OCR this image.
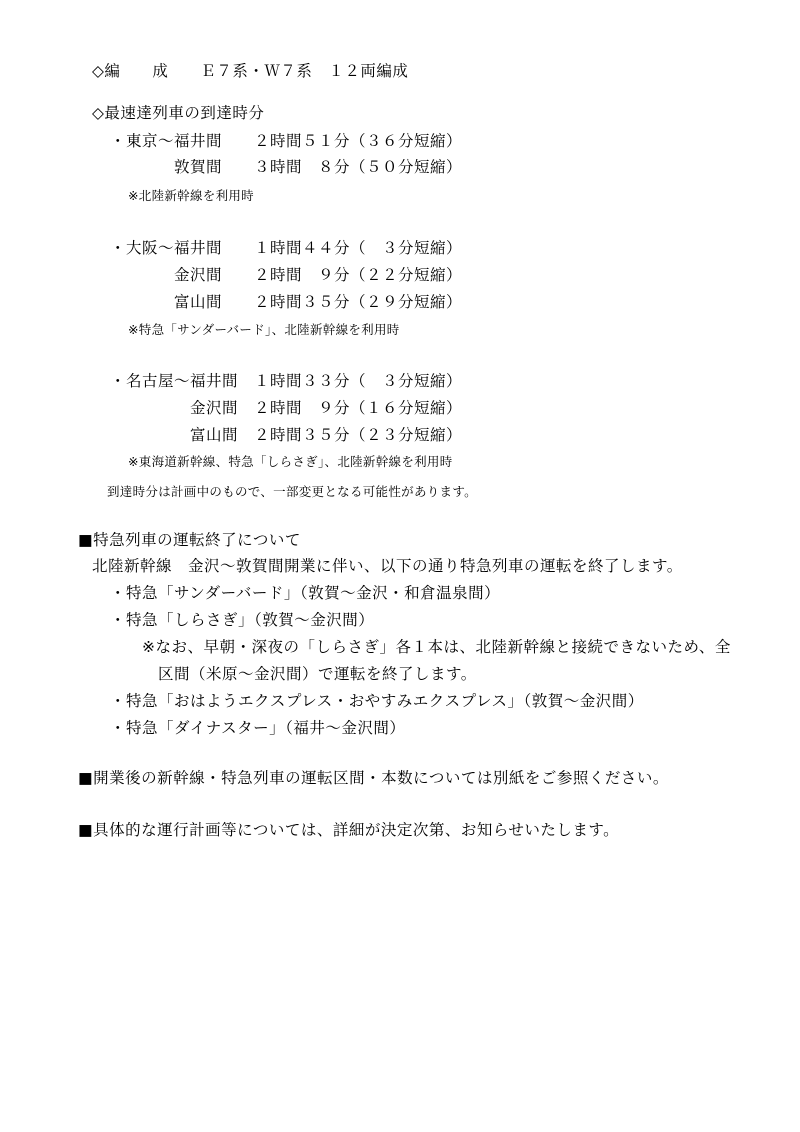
◇編　　成　　Ｅ７系・Ｗ７系　１２両編成
◇最速達列車の到達時分
・東京〜福井間　　２時間５１分（３６分短縮）
敦賀間　　３時間　８分（５０分短縮）
※北陸新幹線を利用時
・大阪〜福井間　　１時間４４分（　３分短縮）
金沢間　　２時間　９分（２２分短縮）
富山間　　２時間３５分（２９分短縮）
※特急「サンダーバード」、北陸新幹線を利用時
・名古屋〜福井間　１時間３３分（　３分短縮）
金沢間　２時間　９分（１６分短縮）
富山間　２時間３５分（２３分短縮）
※東海道新幹線、特急「しらさぎ」、北陸新幹線を利用時
到達時分は計画中のもので、一部変更となる可能性があります。
■特急列車の運転終了について
北陸新幹線　金沢〜敦賀間開業に伴い、以下の通り特急列車の運転を終了します。
・特急「サンダーバード」（敦賀〜金沢・和倉温泉間）
・特急「しらさぎ」（敦賀〜金沢間）
※なお、早朝・深夜の「しらさぎ」各１本は、北陸新幹線と接続できないため、全
区間（米原〜金沢間）で運転を終了します。
・特急「おはようエクスプレス・おやすみエクスプレス」（敦賀〜金沢間）
・特急「ダイナスター」（福井〜金沢間）
■開業後の新幹線・特急列車の運転区間・本数については別紙をご参照ください。
■具体的な運行計画等については、詳細が決定次第、お知らせいたします。
